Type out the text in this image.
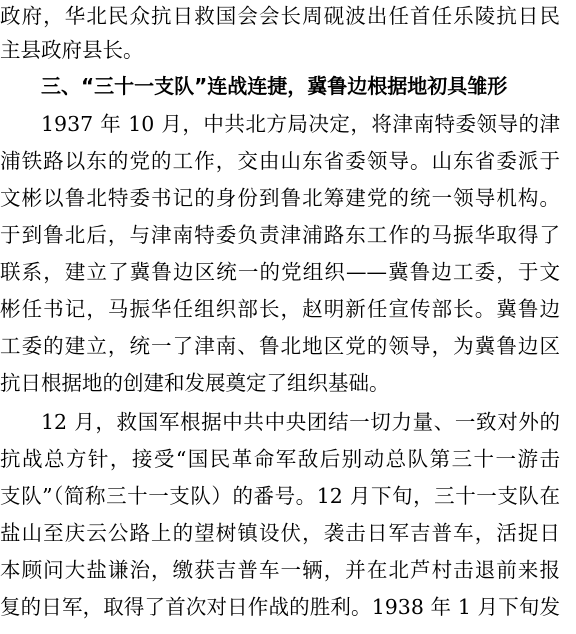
政府，华北民众抗日救国会会长周砚波出任首任乐陵抗日民
主县政府县长。
三、“三十一支队”连战连捷，冀鲁边根据地初具雏形
1937 年 10 月，中共北方局决定，将津南特委领导的津
浦铁路以东的党的工作，交由山东省委领导。山东省委派于
文彬以鲁北特委书记的身份到鲁北筹建党的统一领导机构。
于到鲁北后，与津南特委负责津浦路东工作的马振华取得了
联系，建立了冀鲁边区统一的党组织——冀鲁边工委，于文
彬任书记，马振华任组织部长，赵明新任宣传部长。冀鲁边
工委的建立，统一了津南、鲁北地区党的领导，为冀鲁边区
抗日根据地的创建和发展奠定了组织基础。
12 月，救国军根据中共中央团结一切力量、一致对外的
抗战总方针，接受“国民革命军敌后别动总队第三十一游击
支队”（简称三十一支队）的番号。12 月下旬，三十一支队在
盐山至庆云公路上的望树镇设伏，袭击日军吉普车，活捉日
本顾问大盐谦治，缴获吉普车一辆，并在北芦村击退前来报
复的日军，取得了首次对日作战的胜利。1938 年 1 月下旬发
